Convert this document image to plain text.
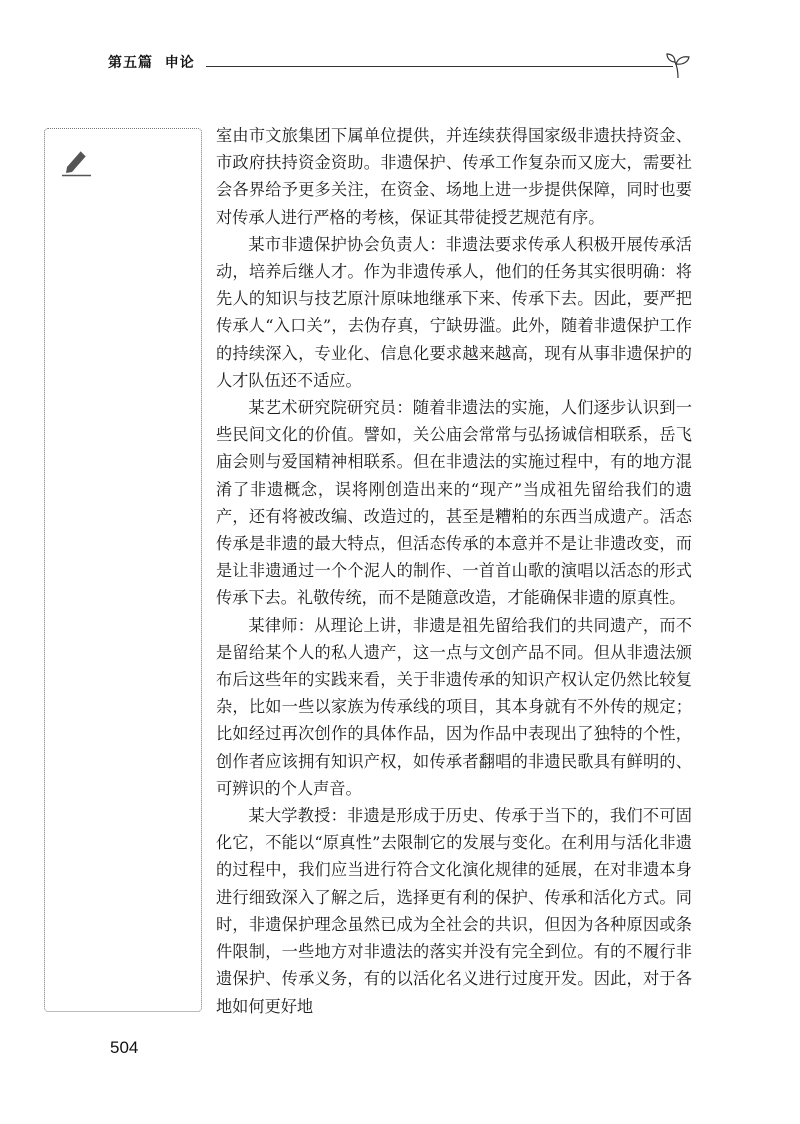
第五篇 申论

室由市文旅集团下属单位提供，并连续获得国家级非遗扶持资金、市政府扶持资金资助。非遗保护、传承工作复杂而又庞大，需要社会各界给予更多关注，在资金、场地上进一步提供保障，同时也要对传承人进行严格的考核，保证其带徒授艺规范有序。

某市非遗保护协会负责人：非遗法要求传承人积极开展传承活动，培养后继人才。作为非遗传承人，他们的任务其实很明确：将先人的知识与技艺原汁原味地继承下来、传承下去。因此，要严把传承人“入口关”，去伪存真，宁缺毋滥。此外，随着非遗保护工作的持续深入，专业化、信息化要求越来越高，现有从事非遗保护的人才队伍还不适应。

某艺术研究院研究员：随着非遗法的实施，人们逐步认识到一些民间文化的价值。譬如，关公庙会常常与弘扬诚信相联系，岳飞庙会则与爱国精神相联系。但在非遗法的实施过程中，有的地方混淆了非遗概念，误将刚创造出来的“现产”当成祖先留给我们的遗产，还有将被改编、改造过的，甚至是糟粕的东西当成遗产。活态传承是非遗的最大特点，但活态传承的本意并不是让非遗改变，而是让非遗通过一个个泥人的制作、一首首山歌的演唱以活态的形式传承下去。礼敬传统，而不是随意改造，才能确保非遗的原真性。

某律师：从理论上讲，非遗是祖先留给我们的共同遗产，而不是留给某个人的私人遗产，这一点与文创产品不同。但从非遗法颁布后这些年的实践来看，关于非遗传承的知识产权认定仍然比较复杂，比如一些以家族为传承线的项目，其本身就有不外传的规定；比如经过再次创作的具体作品，因为作品中表现出了独特的个性，创作者应该拥有知识产权，如传承者翻唱的非遗民歌具有鲜明的、可辨识的个人声音。

某大学教授：非遗是形成于历史、传承于当下的，我们不可固化它，不能以“原真性”去限制它的发展与变化。在利用与活化非遗的过程中，我们应当进行符合文化演化规律的延展，在对非遗本身进行细致深入了解之后，选择更有利的保护、传承和活化方式。同时，非遗保护理念虽然已成为全社会的共识，但因为各种原因或条件限制，一些地方对非遗法的落实并没有完全到位。有的不履行非遗保护、传承义务，有的以活化名义进行过度开发。因此，对于各地如何更好地

504
